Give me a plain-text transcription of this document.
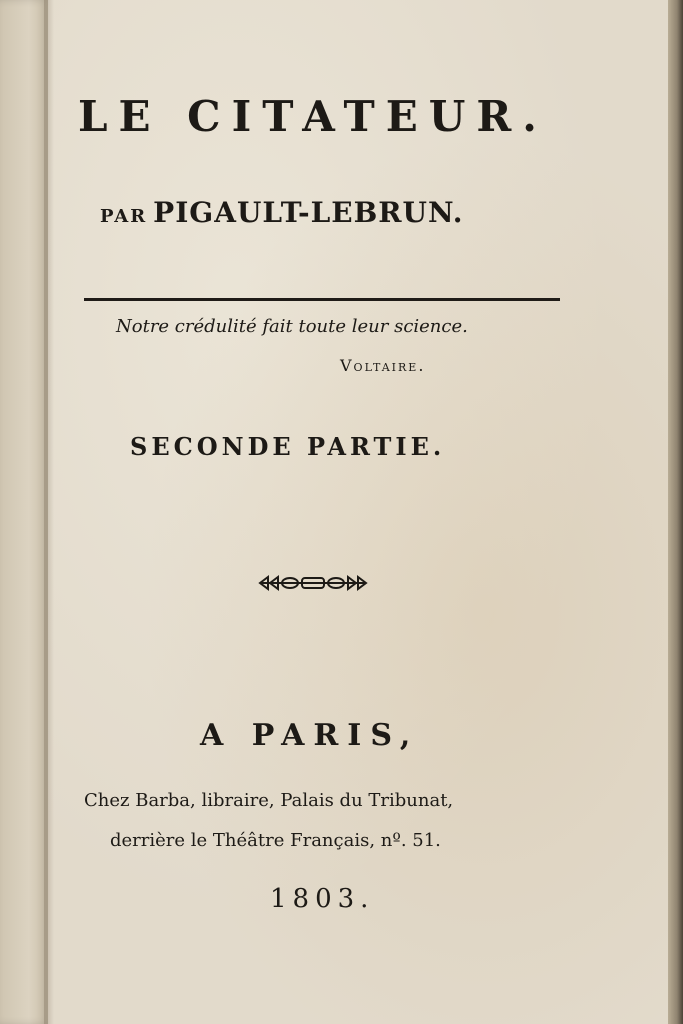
LE CITATEUR.

PAR PIGAULT-LEBRUN.

Notre crédulité fait toute leur science.

Voltaire.

SECONDE PARTIE.

A PARIS,

Chez Barba, libraire, Palais du Tribunat,

derrière le Théâtre Français, nº. 51.

1803.
